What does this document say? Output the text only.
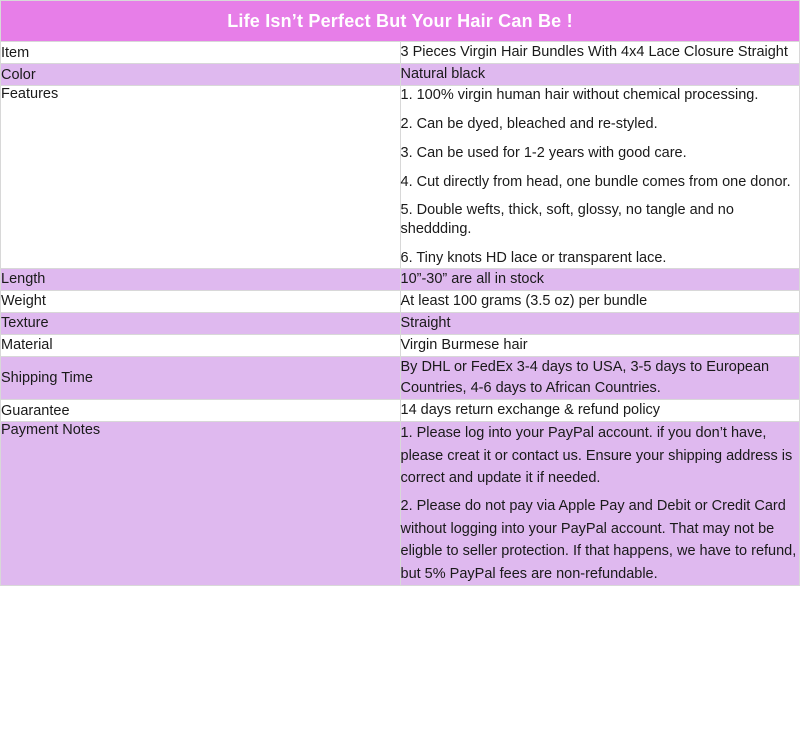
Life Isn’t Perfect But Your Hair Can Be !	
Item	3 Pieces Virgin Hair Bundles With 4x4 Lace Closure Straight
Color	Natural black
Features	1. 100% virgin human hair without chemical processing.
2. Can be dyed, bleached and re-styled.
3. Can be used for 1-2 years with good care.
4. Cut directly from head, one bundle comes from one donor.
5. Double wefts, thick, soft, glossy, no tangle and no sheddding.
6. Tiny knots HD lace or transparent lace.

Length	10”-30” are all in stock
Weight	At least 100 grams (3.5 oz) per bundle
Texture	Straight
Material	Virgin Burmese hair
Shipping Time	By DHL or FedEx 3-4 days to USA, 3-5 days to European Countries, 4-6 days to African Countries.
Guarantee	14 days return exchange & refund policy
Payment Notes	1. Please log into your PayPal account. if you don’t have, please creat it or contact us. Ensure your shipping address is correct and update it if needed.

2. Please do not pay via Apple Pay and Debit or Credit Card without logging into your PayPal account. That may not be eligble to seller protection. If that happens, we have to refund, but 5% PayPal fees are non-refundable.
